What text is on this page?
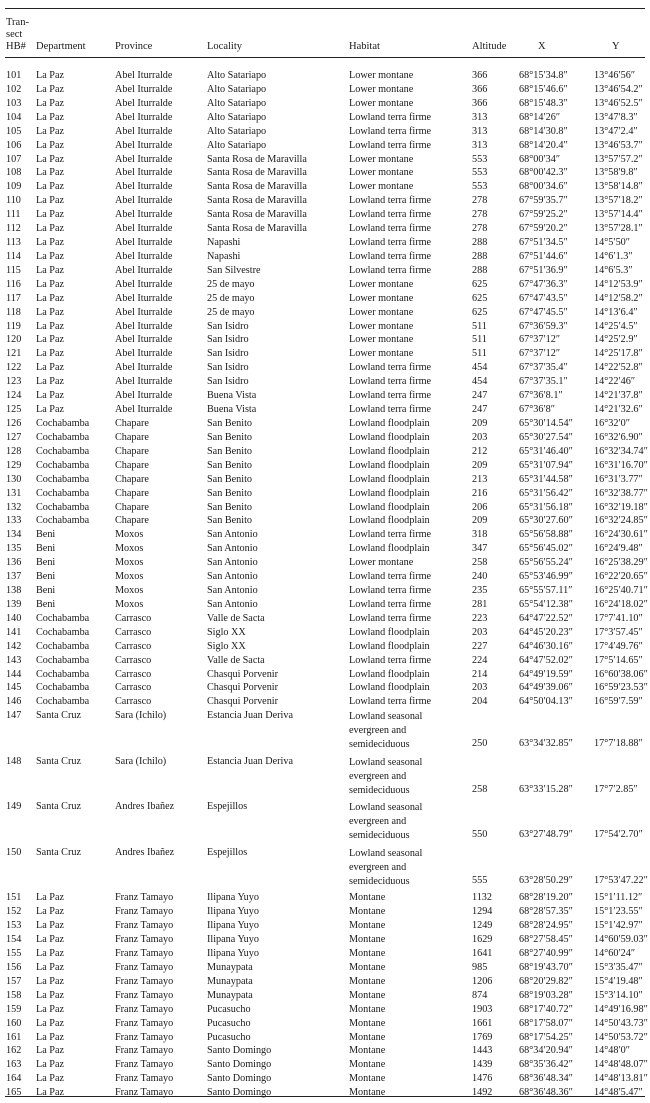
Tran-
sect
HB# Department	Province	Locality	Habitat	Altitude	X	Y
101 La Paz	Abel Iturralde	Alto Satariapo	Lower montane	366	68°15′34.8″	13°46′56″
102 La Paz	Abel Iturralde	Alto Satariapo	Lower montane	366	68°15′46.6″	13°46′54.2″
103 La Paz	Abel Iturralde	Alto Satariapo	Lower montane	366	68°15′48.3″	13°46′52.5″
104 La Paz	Abel Iturralde	Alto Satariapo	Lowland terra firme	313	68°14′26″	13°47′8.3″
105 La Paz	Abel Iturralde	Alto Satariapo	Lowland terra firme	313	68°14′30.8″	13°47′2.4″
106 La Paz	Abel Iturralde	Alto Satariapo	Lowland terra firme	313	68°14′20.4″	13°46′53.7″
107 La Paz	Abel Iturralde	Santa Rosa de Maravilla	Lower montane	553	68°00′34″	13°57′57.2″
108 La Paz	Abel Iturralde	Santa Rosa de Maravilla	Lower montane	553	68°00′42.3″	13°58′9.8″
109 La Paz	Abel Iturralde	Santa Rosa de Maravilla	Lower montane	553	68°00′34.6″	13°58′14.8″
110 La Paz	Abel Iturralde	Santa Rosa de Maravilla	Lowland terra firme	278	67°59′35.7″	13°57′18.2″
111 La Paz	Abel Iturralde	Santa Rosa de Maravilla	Lowland terra firme	278	67°59′25.2″	13°57′14.4″
112 La Paz	Abel Iturralde	Santa Rosa de Maravilla	Lowland terra firme	278	67°59′20.2″	13°57′28.1″
113 La Paz	Abel Iturralde	Napashi	Lowland terra firme	288	67°51′34.5″	14°5′50″
114 La Paz	Abel Iturralde	Napashi	Lowland terra firme	288	67°51′44.6″	14°6′1.3″
115 La Paz	Abel Iturralde	San Silvestre	Lowland terra firme	288	67°51′36.9″	14°6′5.3″
116 La Paz	Abel Iturralde	25 de mayo	Lower montane	625	67°47′36.3″	14°12′53.9″
117 La Paz	Abel Iturralde	25 de mayo	Lower montane	625	67°47′43.5″	14°12′58.2″
118 La Paz	Abel Iturralde	25 de mayo	Lower montane	625	67°47′45.5″	14°13′6.4″
119 La Paz	Abel Iturralde	San Isidro	Lower montane	511	67°36′59.3″	14°25′4.5″
120 La Paz	Abel Iturralde	San Isidro	Lower montane	511	67°37′12″	14°25′2.9″
121 La Paz	Abel Iturralde	San Isidro	Lower montane	511	67°37′12″	14°25′17.8″
122 La Paz	Abel Iturralde	San Isidro	Lowland terra firme	454	67°37′35.4″	14°22′52.8″
123 La Paz	Abel Iturralde	San Isidro	Lowland terra firme	454	67°37′35.1″	14°22′46″
124 La Paz	Abel Iturralde	Buena Vista	Lowland terra firme	247	67°36′8.1″	14°21′37.8″
125 La Paz	Abel Iturralde	Buena Vista	Lowland terra firme	247	67°36′8″	14°21′32.6″
126 Cochabamba	Chapare	San Benito	Lowland floodplain	209	65°30′14.54″ 16°32′0″
127 Cochabamba	Chapare	San Benito	Lowland floodplain	203	65°30′27.54″ 16°32′6.90″
128 Cochabamba	Chapare	San Benito	Lowland floodplain	212	65°31′46.40″ 16°32′34.74″
129 Cochabamba	Chapare	San Benito	Lowland floodplain	209	65°31′07.94″ 16°31′16.70″
130 Cochabamba	Chapare	San Benito	Lowland floodplain	213	65°31′44.58″ 16°31′3.77″
131 Cochabamba	Chapare	San Benito	Lowland floodplain	216	65°31′56.42″ 16°32′38.77″
132 Cochabamba	Chapare	San Benito	Lowland floodplain	206	65°31′56.18″ 16°32′19.18″
133 Cochabamba	Chapare	San Benito	Lowland floodplain	209	65°30′27.60″ 16°32′24.85″
134 Beni	Moxos	San Antonio	Lowland terra firme	318	65°56′58.88″ 16°24′30.61″
135 Beni	Moxos	San Antonio	Lowland floodplain	347	65°56′45.02″ 16°24′9.48″
136 Beni	Moxos	San Antonio	Lower montane	258	65°56′55.24″ 16°25′38.29″
137 Beni	Moxos	San Antonio	Lowland terra firme	240	65°53′46.99″ 16°22′20.65″
138 Beni	Moxos	San Antonio	Lowland terra firme	235	65°55′57.11″ 16°25′40.71″
139 Beni	Moxos	San Antonio	Lowland terra firme	281	65°54′12.38″ 16°24′18.02″
140 Cochabamba	Carrasco	Valle de Sacta	Lowland terra firme	223	64°47′22.52″ 17°7′41.10″
141 Cochabamba	Carrasco	Siglo XX	Lowland floodplain	203	64°45′20.23″ 17°3′57.45″
142 Cochabamba	Carrasco	Siglo XX	Lowland floodplain	227	64°46′30.16″ 17°4′49.76″
143 Cochabamba	Carrasco	Valle de Sacta	Lowland terra firme	224	64°47′52.02″ 17°5′14.65″
144 Cochabamba	Carrasco	Chasqui Porvenir	Lowland floodplain	214	64°49′19.59″ 16°60′38.06″
145 Cochabamba	Carrasco	Chasqui Porvenir	Lowland floodplain	203	64°49′39.06″ 16°59′23.53″
146 Cochabamba	Carrasco	Chasqui Porvenir	Lowland terra firme	204	64°50′04.13″ 16°59′7.59″
147 Santa Cruz	Sara (Ichilo)	Estancia Juan Deriva	Lowland seasonal
evergreen and
semideciduous	250	63°34′32.85″ 17°7′18.88″
148 Santa Cruz	Sara (Ichilo)	Estancia Juan Deriva	Lowland seasonal
evergreen and
semideciduous	258	63°33′15.28″ 17°7′2.85″
149 Santa Cruz	Andres Ibañez	Espejillos	Lowland seasonal
evergreen and
semideciduous	550	63°27′48.79″ 17°54′2.70″
150 Santa Cruz	Andres Ibañez	Espejillos	Lowland seasonal
evergreen and
semideciduous	555	63°28′50.29″ 17°53′47.22″
151 La Paz	Franz Tamayo	Ilipana Yuyo	Montane	1132	68°28′19.20″ 15°1′11.12″
152 La Paz	Franz Tamayo	Ilipana Yuyo	Montane	1294	68°28′57.35″ 15°1′23.55″
153 La Paz	Franz Tamayo	Ilipana Yuyo	Montane	1249	68°28′24.95″ 15°1′42.97″
154 La Paz	Franz Tamayo	Ilipana Yuyo	Montane	1629	68°27′58.45″ 14°60′59.03″
155 La Paz	Franz Tamayo	Ilipana Yuyo	Montane	1641	68°27′40.99″ 14°60′24″
156 La Paz	Franz Tamayo	Munaypata	Montane	985	68°19′43.70″ 15°3′35.47″
157 La Paz	Franz Tamayo	Munaypata	Montane	1206	68°20′29.82″ 15°4′19.48″
158 La Paz	Franz Tamayo	Munaypata	Montane	874	68°19′03.28″ 15°3′14.10″
159 La Paz	Franz Tamayo	Pucasucho	Montane	1903	68°17′40.72″ 14°49′16.98″
160 La Paz	Franz Tamayo	Pucasucho	Montane	1661	68°17′58.07″ 14°50′43.73″
161 La Paz	Franz Tamayo	Pucasucho	Montane	1769	68°17′54.25″ 14°50′53.72″
162 La Paz	Franz Tamayo	Santo Domingo	Montane	1443	68°34′20.94″ 14°48′0″
163 La Paz	Franz Tamayo	Santo Domingo	Montane	1439	68°35′36.42″ 14°48′48.07″
164 La Paz	Franz Tamayo	Santo Domingo	Montane	1476	68°36′48.34″ 14°48′13.81″
165 La Paz	Franz Tamayo	Santo Domingo	Montane	1492	68°36′48.36″ 14°48′5.47″
